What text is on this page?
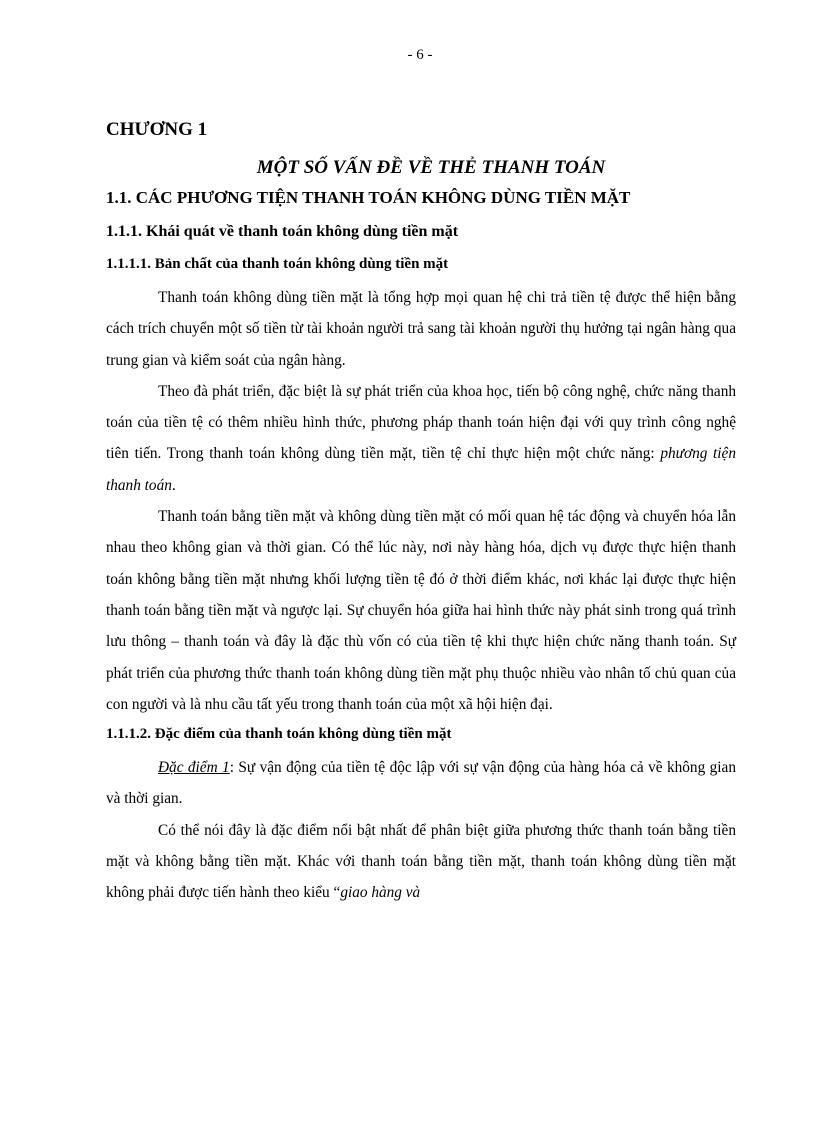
- 6 -
CHƯƠNG 1
MỘT SỐ VẤN ĐỀ VỀ THẺ THANH TOÁN
1.1. CÁC PHƯƠNG TIỆN THANH TOÁN KHÔNG DÙNG TIỀN MẶT
1.1.1. Khái quát về thanh toán không dùng tiền mặt
1.1.1.1. Bản chất của thanh toán không dùng tiền mặt

Thanh toán không dùng tiền mặt là tổng hợp mọi quan hệ chi trả tiền tệ được thể hiện bằng cách trích chuyển một số tiền từ tài khoản người trả sang tài khoản người thụ hưởng tại ngân hàng qua trung gian và kiểm soát của ngân hàng.

Theo đà phát triển, đặc biệt là sự phát triển của khoa học, tiến bộ công nghệ, chức năng thanh toán của tiền tệ có thêm nhiều hình thức, phương pháp thanh toán hiện đại với quy trình công nghệ tiên tiến. Trong thanh toán không dùng tiền mặt, tiền tệ chỉ thực hiện một chức năng: phương tiện thanh toán.

Thanh toán bằng tiền mặt và không dùng tiền mặt có mối quan hệ tác động và chuyển hóa lẫn nhau theo không gian và thời gian. Có thể lúc này, nơi này hàng hóa, dịch vụ được thực hiện thanh toán không bằng tiền mặt nhưng khối lượng tiền tệ đó ở thời điểm khác, nơi khác lại được thực hiện thanh toán bằng tiền mặt và ngược lại. Sự chuyển hóa giữa hai hình thức này phát sinh trong quá trình lưu thông – thanh toán và đây là đặc thù vốn có của tiền tệ khi thực hiện chức năng thanh toán. Sự phát triển của phương thức thanh toán không dùng tiền mặt phụ thuộc nhiều vào nhân tố chủ quan của con người và là nhu cầu tất yếu trong thanh toán của một xã hội hiện đại.

1.1.1.2. Đặc điểm của thanh toán không dùng tiền mặt

Đặc điểm 1: Sự vận động của tiền tệ độc lập với sự vận động của hàng hóa cả về không gian và thời gian.

Có thể nói đây là đặc điểm nổi bật nhất để phân biệt giữa phương thức thanh toán bằng tiền mặt và không bằng tiền mặt. Khác với thanh toán bằng tiền mặt, thanh toán không dùng tiền mặt không phải được tiến hành theo kiểu “giao hàng và
